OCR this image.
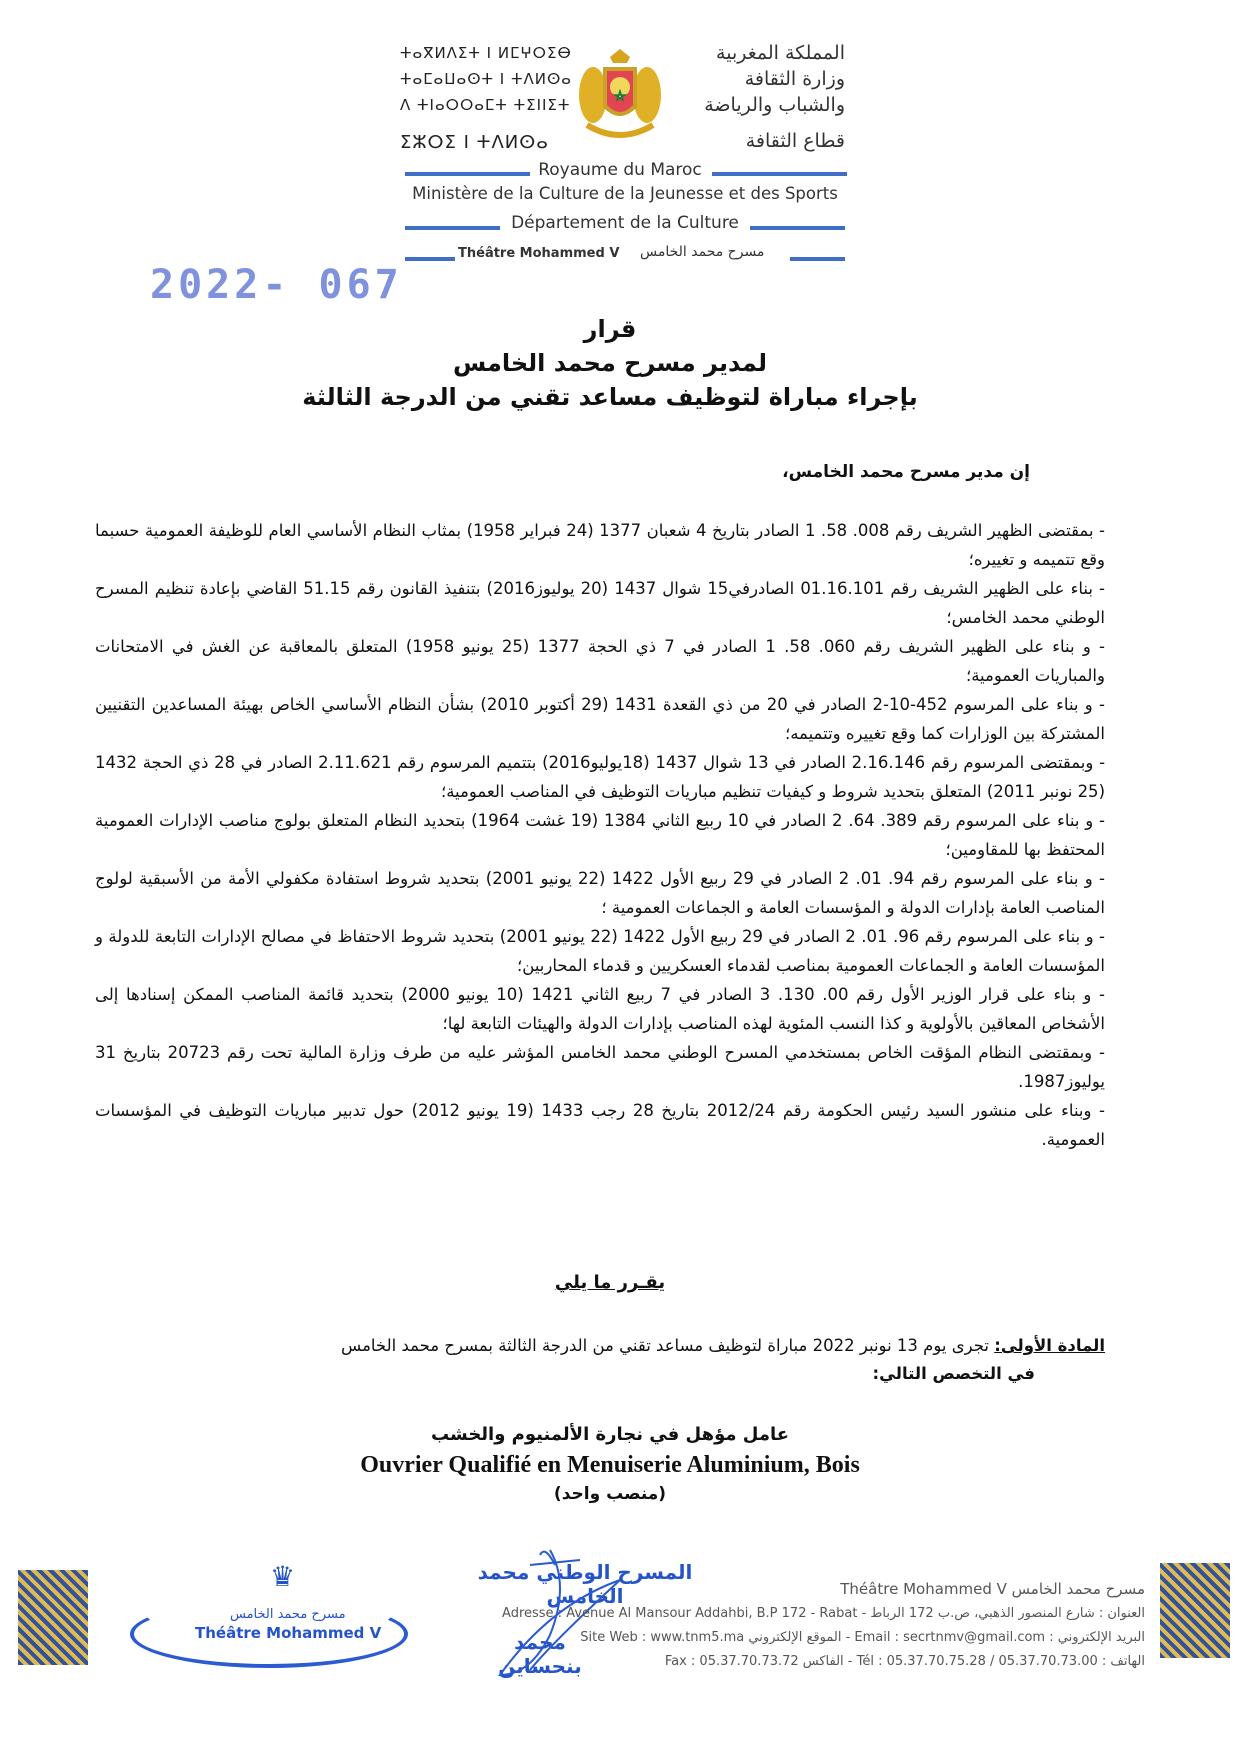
ⵜⴰⴳⵍⴷⵉⵜ ⵏ ⵍⵎⵖⵔⵉⴱ
ⵜⴰⵎⴰⵡⴰⵙⵜ ⵏ ⵜⴷⵍⵙⴰ
ⴷ ⵜⵏⴰⵔⵔⴰⵎⵜ ⵜⵉⵏⵏⵉⵜ
ⵉⵣⵔⵉ ⵏ ⵜⴷⵍⵙⴰ
المملكة المغربية
وزارة الثقافة
والشباب والرياضة
قطاع الثقافة
Royaume du Maroc
Ministère de la Culture de la Jeunesse et des Sports
Département de la Culture
Théâtre Mohammed V مسرح محمد الخامس
2022- 067
قرار
لمدير مسرح محمد الخامس
بإجراء مباراة لتوظيف مساعد تقني من الدرجة الثالثة
إن مدير مسرح محمد الخامس،

- بمقتضى الظهير الشريف رقم 008. 58. 1 الصادر بتاريخ 4 شعبان 1377 (24 فبراير 1958) بمثاب النظام الأساسي العام للوظيفة العمومية حسبما وقع تتميمه و تغييره؛

- بناء على الظهير الشريف رقم 01.16.101 الصادرفي15 شوال 1437 (20 يوليوز2016) بتنفيذ القانون رقم 51.15 القاضي بإعادة تنظيم المسرح الوطني محمد الخامس؛

- و بناء على الظهير الشريف رقم 060. 58. 1 الصادر في 7 ذي الحجة 1377 (25 يونيو 1958) المتعلق بالمعاقبة عن الغش في الامتحانات والمباريات العمومية؛

- و بناء على المرسوم 452-10-2 الصادر في 20 من ذي القعدة 1431 (29 أكتوبر 2010) بشأن النظام الأساسي الخاص بهيئة المساعدين التقنيين المشتركة بين الوزارات كما وقع تغييره وتتميمه؛

- وبمقتضى المرسوم رقم 2.16.146 الصادر في 13 شوال 1437 (18يوليو2016) بتتميم المرسوم رقم 2.11.621 الصادر في 28 ذي الحجة 1432 (25 نونبر 2011) المتعلق بتحديد شروط و كيفيات تنظيم مباريات التوظيف في المناصب العمومية؛

- و بناء على المرسوم رقم 389. 64. 2 الصادر في 10 ربيع الثاني 1384 (19 غشت 1964) بتحديد النظام المتعلق بولوج مناصب الإدارات العمومية المحتفظ بها للمقاومين؛

- و بناء على المرسوم رقم 94. 01. 2 الصادر في 29 ربيع الأول 1422 (22 يونيو 2001) بتحديد شروط استفادة مكفولي الأمة من الأسبقية لولوج المناصب العامة بإدارات الدولة و المؤسسات العامة و الجماعات العمومية ؛

- و بناء على المرسوم رقم 96. 01. 2 الصادر في 29 ربيع الأول 1422 (22 يونيو 2001) بتحديد شروط الاحتفاظ في مصالح الإدارات التابعة للدولة و المؤسسات العامة و الجماعات العمومية بمناصب لقدماء العسكريين و قدماء المحاربين؛

- و بناء على قرار الوزير الأول رقم 00. 130. 3 الصادر في 7 ربيع الثاني 1421 (10 يونيو 2000) بتحديد قائمة المناصب الممكن إسنادها إلى الأشخاص المعاقين بالأولوية و كذا النسب المئوية لهذه المناصب بإدارات الدولة والهيئات التابعة لها؛

- وبمقتضى النظام المؤقت الخاص بمستخدمي المسرح الوطني محمد الخامس المؤشر عليه من طرف وزارة المالية تحت رقم 20723 بتاريخ 31 يوليوز1987.

- وبناء على منشور السيد رئيس الحكومة رقم 2012/24 بتاريخ 28 رجب 1433 (19 يونيو 2012) حول تدبير مباريات التوظيف في المؤسسات العمومية.

يقـرر ما يلي
المادة الأولى: تجرى يوم 13 نونبر 2022 مباراة لتوظيف مساعد تقني من الدرجة الثالثة بمسرح محمد الخامس
في التخصص التالي:
عامل مؤهل في نجارة الألمنيوم والخشب
Ouvrier Qualifié en Menuiserie Aluminium, Bois
(منصب واحد)
المسرح الوطني محمد الخامس
محمد بنحساين
♛
مسرح محمد الخامس
Théâtre Mohammed V
Théâtre Mohammed V مسرح محمد الخامس
Adresse : Avenue Al Mansour Addahbi, B.P 172 - Rabat - العنوان : شارع المنصور الذهبي، ص.ب 172 الرباط
Site Web : www.tnm5.ma الموقع الإلكتروني - Email : secrtnmv@gmail.com : البريد الإلكتروني
Fax : 05.37.70.73.72 الفاكس - Tél : 05.37.70.75.28 / 05.37.70.73.00 : الهاتف
